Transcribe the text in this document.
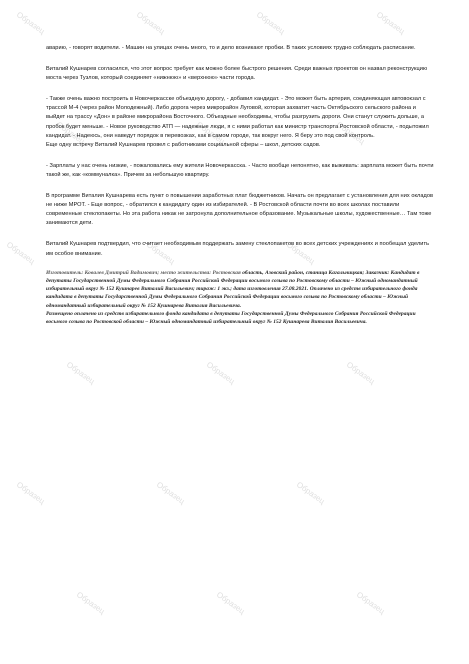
Образец	Образец	Образец	Образец
Образец	Образец	Образец
Образец	Образец	Образец
Образец	Образец	Образец
Образец	Образец	Образец
Образец	Образец	Образец

аварию, - говорят водители. - Машин на улицах очень много, то и дело возникают пробки. В таких условиях трудно соблюдать расписание.

Виталий Кушнарев согласился, что этот вопрос требует как можно более быстрого решения. Среди важных проектов он назвал реконструкцию моста через Тузлов, который соединяет «нижнюю» и «верхнюю» части города.

- Также очень важно построить в Новочеркасске объездную дорогу, - добавил кандидат. - Это может быть артерия, соединяющая автовокзал с трассой М-4 (через район Молодежный). Либо дорога через микрорайон Луговой, которая захватит часть Октябрьского сельского района и выйдет на трассу «Дон» в районе микрорайона Восточного. Объездные необходимы, чтобы разгрузить дороги. Они станут служить дольше, а пробок будет меньше. - Новое руководство АТП — надежные люди, я с ними работал как министр транспорта Ростовской области, - подытожил кандидат. - Надеюсь, они наведут порядок в перевозках, как в самом городе, так вокруг него. Я беру это под свой контроль.

Еще одну встречу Виталий Кушнарев провел с работниками социальной сферы – школ, детских садов.

- Зарплаты у нас очень низкие, - пожаловались ему жители Новочеркасска. - Часто вообще непонятно, как выживать: зарплата может быть почти такой же, как «коммуналка». Причем за небольшую квартиру.

В программе Виталия Кушнарева есть пункт о повышении заработных плат бюджетников. Начать он предлагает с установления для них окладов не ниже МРОТ. - Еще вопрос, - обратился к кандидату один из избирателей. - В Ростовской области почти во всех школах поставили современные стеклопакеты. Но эта работа никак не затронула дополнительное образование. Музыкальные школы, художественные… Там тоже занимаются дети.

Виталий Кушнарев подтвердил, что считает необходимым поддержать замену стеклопакетов во всех детских учреждениях и пообещал уделить им особое внимание.

Изготовитель: Ковалев Дмитрий Вадимович; место жительства: Ростовская область, Азовский район, станица Кагальницкая; Заказчик: Кандидат в депутаты Государственной Думы Федерального Собрания Российской Федерации восьмого созыва по Ростовскому области – Южный одномандатный избирательный округ № 152 Кушнарев Виталий Васильевич; тираж: 1 экз.; дата изготовления 27.08.2021. Оплачено из средств избирательного фонда кандидата в депутаты Государственной Думы Федерального Собрания Российской Федерации восьмого созыва по Ростовскому области – Южный одномандатный избирательный округ № 152 Кушнарева Виталия Васильевича.
Размещено оплачено из средств избирательного фонда кандидата в депутаты Государственной Думы Федерального Собрания Российской Федерации восьмого созыва по Ростовской области – Южный одномандатный избирательный округ № 152 Кушнарева Виталия Васильевича.
